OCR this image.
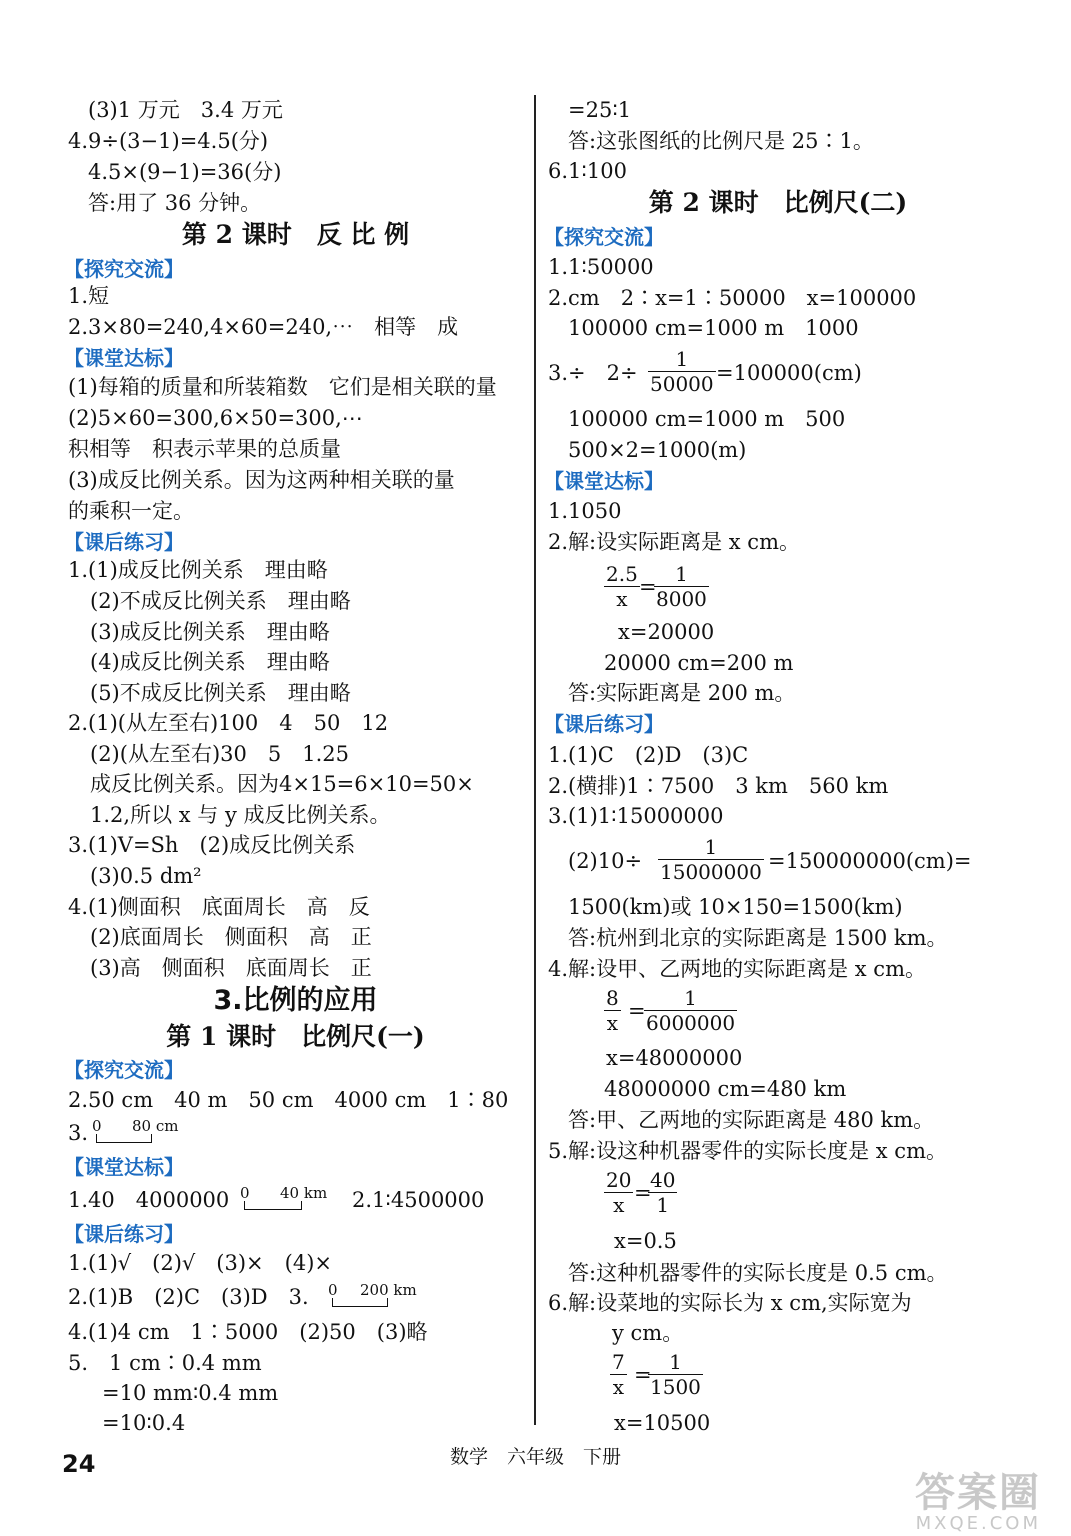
(3)1 万元　3.4 万元
4.9÷(3−1)=4.5(分)
4.5×(9−1)=36(分)
答:用了 36 分钟。
第 2 课时　反 比 例
【探究交流】
1.短
2.3×80=240,4×60=240,⋯　相等　成
【课堂达标】
(1)每箱的质量和所装箱数　它们是相关联的量
(2)5×60=300,6×50=300,⋯
积相等　积表示苹果的总质量
(3)成反比例关系。因为这两种相关联的量
的乘积一定。
【课后练习】
1.(1)成反比例关系　理由略
(2)不成反比例关系　理由略
(3)成反比例关系　理由略
(4)成反比例关系　理由略
(5)不成反比例关系　理由略
2.(1)(从左至右)100　4　50　12
(2)(从左至右)30　5　1.25
成反比例关系。因为4×15=6×10=50×
1.2,所以 x 与 y 成反比例关系。
3.(1)V=Sh　(2)成反比例关系
(3)0.5 dm²
4.(1)侧面积　底面周长　高　反
(2)底面周长　侧面积　高　正
(3)高　侧面积　底面周长　正
3.比例的应用
第 1 课时　比例尺(一)
【探究交流】
2.50 cm　40 m　50 cm　4000 cm　1∶80
3. 0 80 cm
【课堂达标】
1.40　4000000 0 40 km 2.1∶4500000
【课后练习】
1.(1)√　(2)√　(3)×　(4)×
2.(1)B　(2)C　(3)D　3. 0 200 km
4.(1)4 cm　1∶5000　(2)50　(3)略
5.　1 cm∶0.4 mm
=10 mm∶0.4 mm
=10∶0.4
=25∶1
答:这张图纸的比例尺是 25∶1。
6.1∶100
第 2 课时　比例尺(二)
【探究交流】
1.1∶50000
2.cm　2∶x=1∶50000　x=100000
100000 cm=1000 m　1000
3.÷　$2\div \frac{1}{50000} =100000(cm)$
100000 cm=1000 m　500
500×2=1000(m)
【课堂达标】
1.1050
2.解:设实际距离是 x cm。
$\frac{2.5}{x}$ =
$\frac{1}{8000}$
x=20000
20000 cm=200 m
答:实际距离是 200 m。
【课后练习】
1.(1)C　(2)D　(3)C
2.(横排)1∶7500　3 km　560 km
3.(1)1∶15000000
$(2)10\div \frac{1}{15000000} =150000000(cm)=$
1500(km)或 10×150=1500(km)
答:杭州到北京的实际距离是 1500 km。
4.解:设甲、乙两地的实际距离是 x cm。
$\frac{8}{x}$ =
$\frac{1}{6000000}$
x=48000000
48000000 cm=480 km
答:甲、乙两地的实际距离是 480 km。
5.解:设这种机器零件的实际长度是 x cm。
$\frac{20}{x}$ =
$\frac{40}{1}$
x=0.5
答:这种机器零件的实际长度是 0.5 cm。
6.解:设菜地的实际长为 x cm,实际宽为
y cm。
$\frac{7}{x}$ =
$\frac{1}{1500}$
x=10500
24	数学　六年级　下册
答案圈
MXQE.COM
